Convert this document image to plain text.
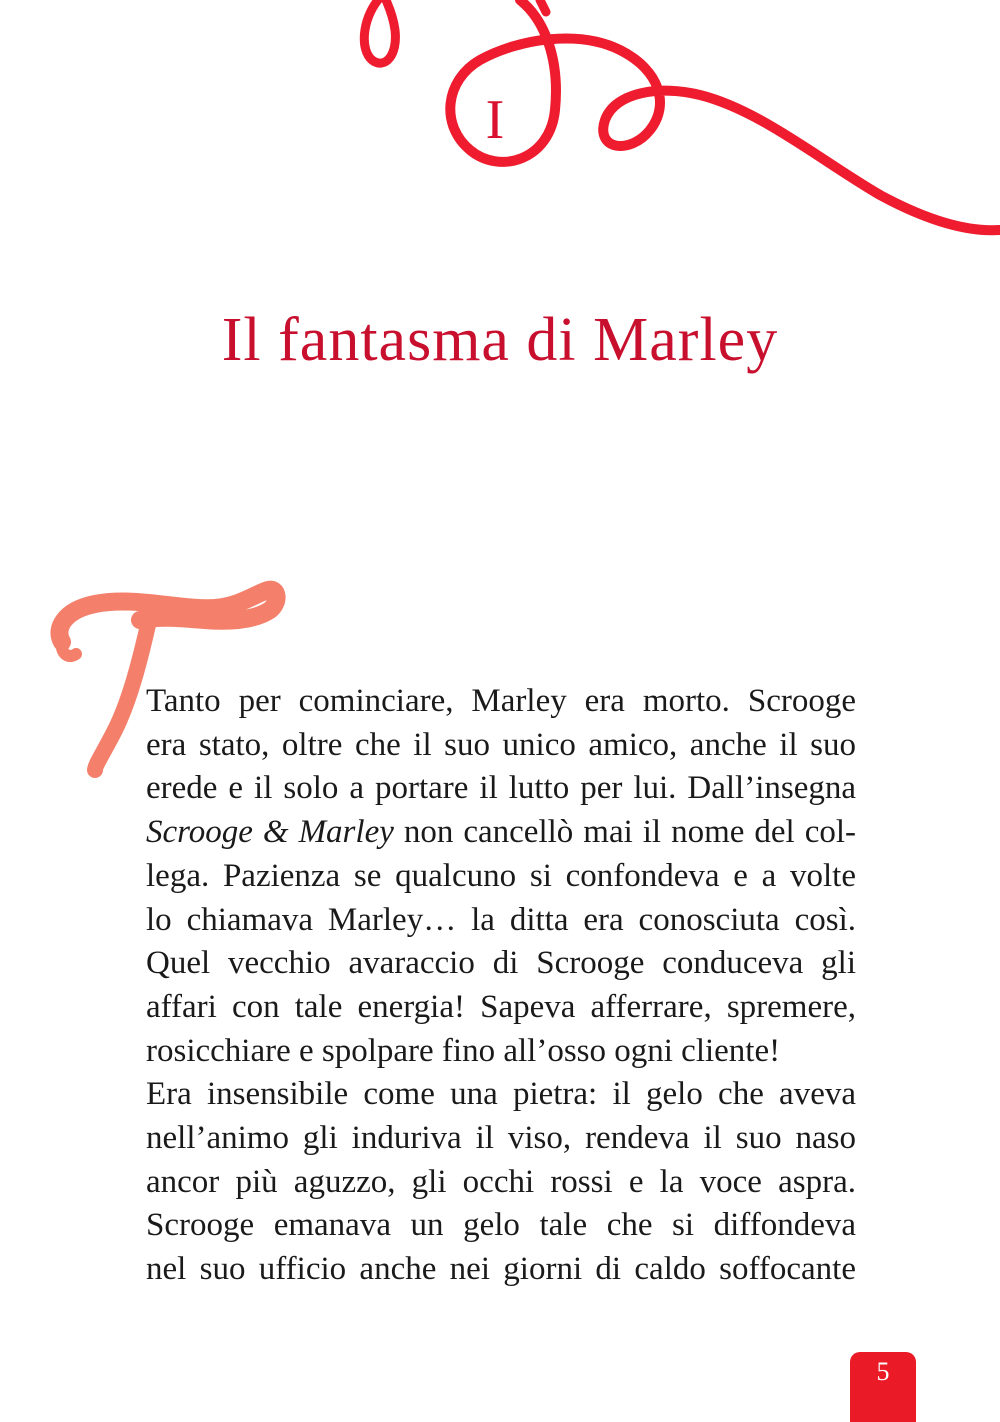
I
Il fantasma di Marley
Tanto per cominciare, Marley era morto. Scrooge
era stato, oltre che il suo unico amico, anche il suo
erede e il solo a portare il lutto per lui. Dall’insegna
Scrooge & Marley non cancellò mai il nome del col-
lega. Pazienza se qualcuno si confondeva e a volte
lo chiamava Marley… la ditta era conosciuta così.
Quel vecchio avaraccio di Scrooge conduceva gli
affari con tale energia! Sapeva afferrare, spremere,
rosicchiare e spolpare fino all’osso ogni cliente!
Era insensibile come una pietra: il gelo che aveva
nell’animo gli induriva il viso, rendeva il suo naso
ancor più aguzzo, gli occhi rossi e la voce aspra.
Scrooge emanava un gelo tale che si diffondeva
nel suo ufficio anche nei giorni di caldo soffocante
5
